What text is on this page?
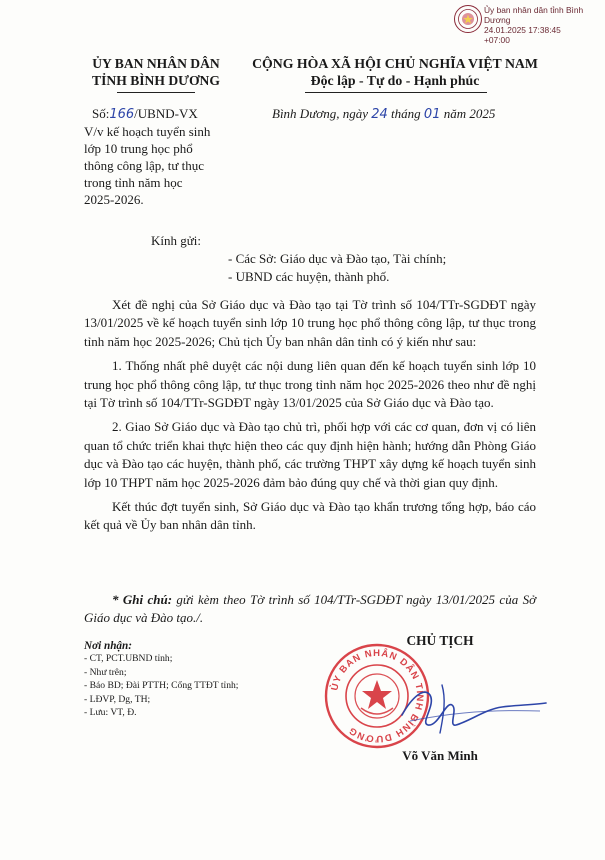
Ủy ban nhân dân tỉnh Bình Dương
24.01.2025 17:38:45
+07:00
ỦY BAN NHÂN DÂN
TỈNH BÌNH DƯƠNG
CỘNG HÒA XÃ HỘI CHỦ NGHĨA VIỆT NAM
Độc lập - Tự do - Hạnh phúc
Số:166/UBND-VX

V/v kế hoạch tuyển sinh

lớp 10 trung học phổ

thông công lập, tư thục

trong tỉnh năm học

2025-2026.

Bình Dương, ngày 24 tháng 01 năm 2025
Kính gửi:
- Các Sở: Giáo dục và Đào tạo, Tài chính;
- UBND các huyện, thành phố.

Xét đề nghị của Sở Giáo dục và Đào tạo tại Tờ trình số 104/TTr-SGDĐT ngày 13/01/2025 về kế hoạch tuyển sinh lớp 10 trung học phổ thông công lập, tư thục trong tỉnh năm học 2025-2026; Chủ tịch Ủy ban nhân dân tỉnh có ý kiến như sau:

1. Thống nhất phê duyệt các nội dung liên quan đến kế hoạch tuyển sinh lớp 10 trung học phổ thông công lập, tư thục trong tỉnh năm học 2025-2026 theo như đề nghị tại Tờ trình số 104/TTr-SGDĐT ngày 13/01/2025 của Sở Giáo dục và Đào tạo.

2. Giao Sở Giáo dục và Đào tạo chủ trì, phối hợp với các cơ quan, đơn vị có liên quan tổ chức triển khai thực hiện theo các quy định hiện hành; hướng dẫn Phòng Giáo dục và Đào tạo các huyện, thành phố, các trường THPT xây dựng kế hoạch tuyển sinh lớp 10 THPT năm học 2025-2026 đảm bảo đúng quy chế và thời gian quy định.

Kết thúc đợt tuyển sinh, Sở Giáo dục và Đào tạo khẩn trương tổng hợp, báo cáo kết quả về Ủy ban nhân dân tỉnh.

* Ghi chú: gửi kèm theo Tờ trình số 104/TTr-SGDĐT ngày 13/01/2025 của Sở Giáo dục và Đào tạo./.
Nơi nhận:
- CT, PCT.UBND tỉnh;
- Như trên;
- Báo BD; Đài PTTH; Cổng TTĐT tỉnh;
- LĐVP, Dg, TH;
- Lưu: VT, Đ.
CHỦ TỊCH
ỦY BAN NHÂN DÂN TỈNH BÌNH DƯƠNG
Võ Văn Minh
